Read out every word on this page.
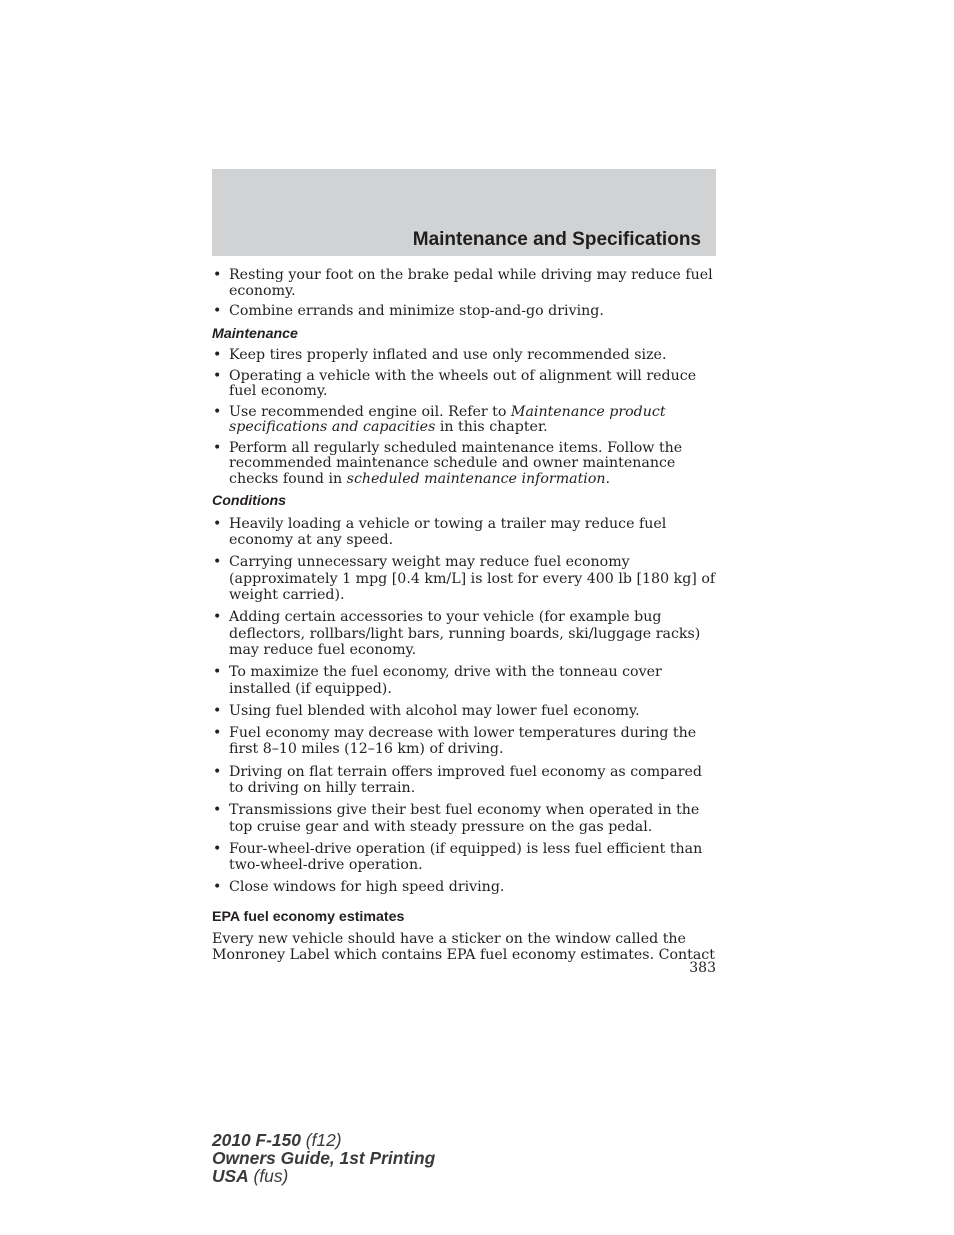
Maintenance and Specifications
• Resting your foot on the brake pedal while driving may reduce fuel economy.
• Combine errands and minimize stop-and-go driving.
Maintenance
• Keep tires properly inflated and use only recommended size.
• Operating a vehicle with the wheels out of alignment will reduce fuel economy.
• Use recommended engine oil. Refer to Maintenance product specifications and capacities in this chapter.
• Perform all regularly scheduled maintenance items. Follow the recommended maintenance schedule and owner maintenance checks found in scheduled maintenance information.
Conditions
• Heavily loading a vehicle or towing a trailer may reduce fuel economy at any speed.
• Carrying unnecessary weight may reduce fuel economy (approximately 1 mpg [0.4 km/L] is lost for every 400 lb [180 kg] of weight carried).
• Adding certain accessories to your vehicle (for example bug deflectors, rollbars/light bars, running boards, ski/luggage racks) may reduce fuel economy.
• To maximize the fuel economy, drive with the tonneau cover installed (if equipped).
• Using fuel blended with alcohol may lower fuel economy.
• Fuel economy may decrease with lower temperatures during the first 8–10 miles (12–16 km) of driving.
• Driving on flat terrain offers improved fuel economy as compared to driving on hilly terrain.
• Transmissions give their best fuel economy when operated in the top cruise gear and with steady pressure on the gas pedal.
• Four-wheel-drive operation (if equipped) is less fuel efficient than two-wheel-drive operation.
• Close windows for high speed driving.
EPA fuel economy estimates

Every new vehicle should have a sticker on the window called the Monroney Label which contains EPA fuel economy estimates. Contact

383
2010 F-150 (f12)
Owners Guide, 1st Printing
USA (fus)
